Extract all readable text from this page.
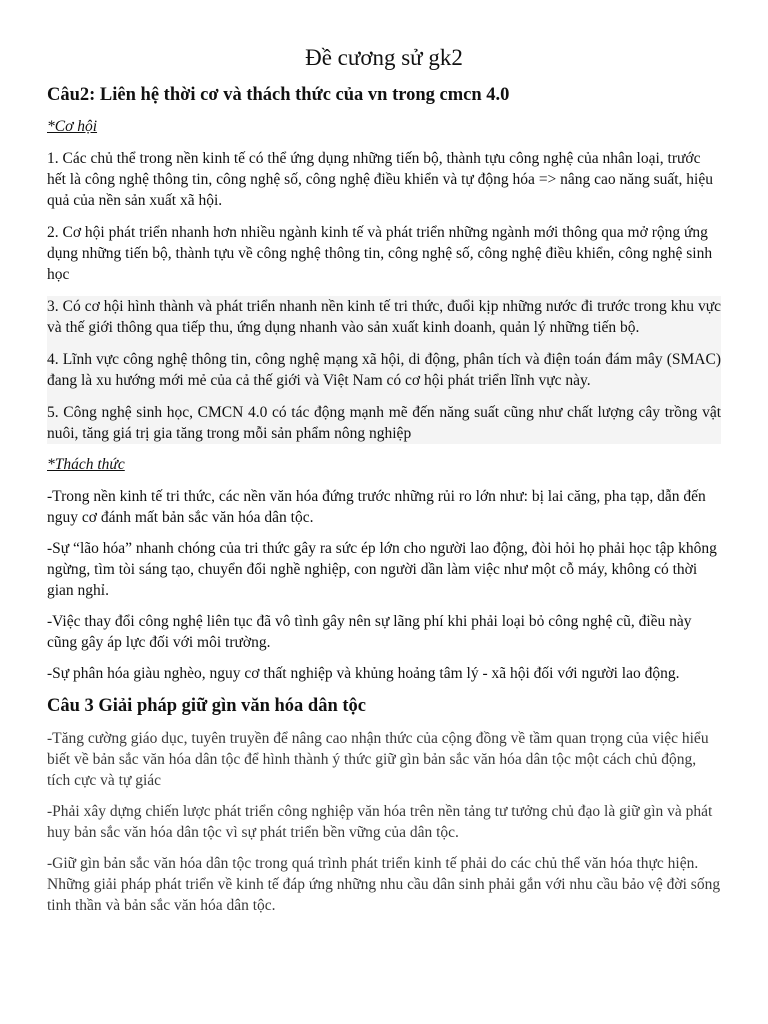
Đề cương sử gk2
Câu2: Liên hệ thời cơ và thách thức của vn trong cmcn 4.0

*Cơ hội

1. Các chủ thể trong nền kinh tế có thể ứng dụng những tiến bộ, thành tựu công nghệ của nhân loại, trước hết là công nghệ thông tin, công nghệ số, công nghệ điều khiển và tự động hóa => nâng cao năng suất, hiệu quả của nền sản xuất xã hội.

2. Cơ hội phát triển nhanh hơn nhiều ngành kinh tế và phát triển những ngành mới thông qua mở rộng ứng dụng những tiến bộ, thành tựu về công nghệ thông tin, công nghệ số, công nghệ điều khiển, công nghệ sinh học

3. Có cơ hội hình thành và phát triển nhanh nền kinh tế tri thức, đuổi kịp những nước đi trước trong khu vực và thế giới thông qua tiếp thu, ứng dụng nhanh vào sản xuất kinh doanh, quản lý những tiến bộ.

4. Lĩnh vực công nghệ thông tin, công nghệ mạng xã hội, di động, phân tích và điện toán đám mây (SMAC) đang là xu hướng mới mẻ của cả thế giới và Việt Nam có cơ hội phát triển lĩnh vực này.

5. Công nghệ sinh học, CMCN 4.0 có tác động mạnh mẽ đến năng suất cũng như chất lượng cây trồng vật nuôi, tăng giá trị gia tăng trong mỗi sản phẩm nông nghiệp

*Thách thức

-Trong nền kinh tế tri thức, các nền văn hóa đứng trước những rủi ro lớn như: bị lai căng, pha tạp, dẫn đến nguy cơ đánh mất bản sắc văn hóa dân tộc.

-Sự “lão hóa” nhanh chóng của tri thức gây ra sức ép lớn cho người lao động, đòi hỏi họ phải học tập không ngừng, tìm tòi sáng tạo, chuyển đổi nghề nghiệp, con người dần làm việc như một cỗ máy, không có thời gian nghỉ.

-Việc thay đổi công nghệ liên tục đã vô tình gây nên sự lãng phí khi phải loại bỏ công nghệ cũ, điều này cũng gây áp lực đối với môi trường.

-Sự phân hóa giàu nghèo, nguy cơ thất nghiệp và khủng hoảng tâm lý - xã hội đối với người lao động.

Câu 3 Giải pháp giữ gìn văn hóa dân tộc

-Tăng cường giáo dục, tuyên truyền để nâng cao nhận thức của cộng đồng về tầm quan trọng của việc hiểu biết về bản sắc văn hóa dân tộc để hình thành ý thức giữ gìn bản sắc văn hóa dân tộc một cách chủ động, tích cực và tự giác

-Phải xây dựng chiến lược phát triển công nghiệp văn hóa trên nền tảng tư tưởng chủ đạo là giữ gìn và phát huy bản sắc văn hóa dân tộc vì sự phát triển bền vững của dân tộc.

-Giữ gìn bản sắc văn hóa dân tộc trong quá trình phát triển kinh tế phải do các chủ thể văn hóa thực hiện. Những giải pháp phát triển về kinh tế đáp ứng những nhu cầu dân sinh phải gắn với nhu cầu bảo vệ đời sống tinh thần và bản sắc văn hóa dân tộc.
